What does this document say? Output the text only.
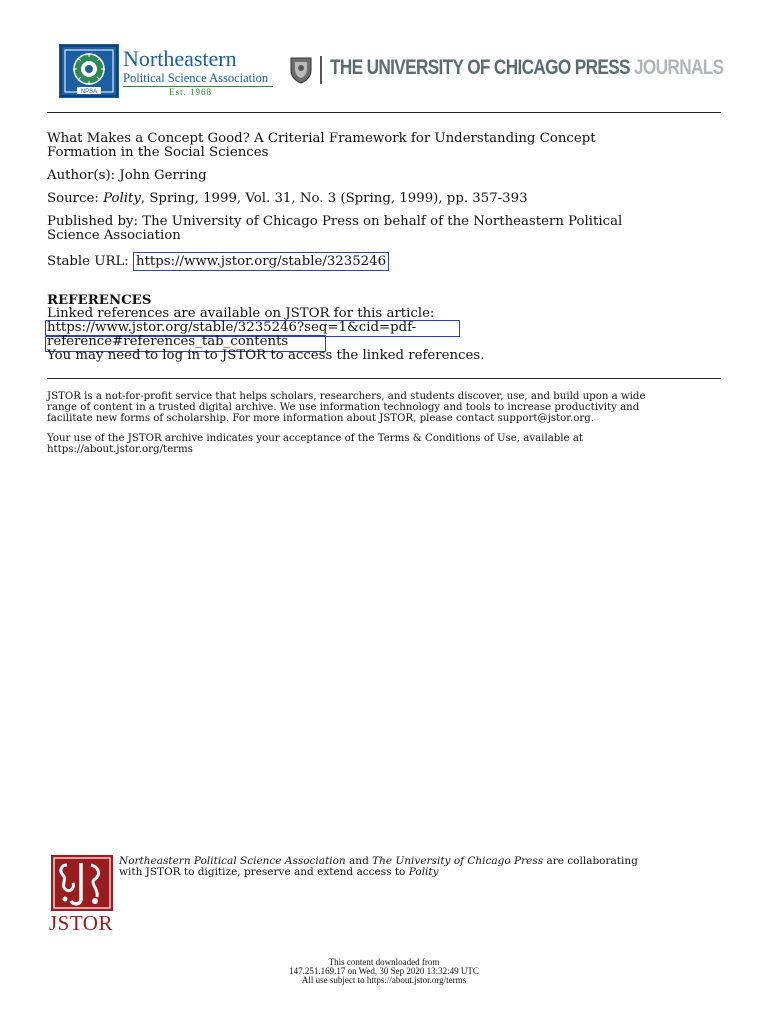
NPSA
Northeastern
Political Science Association
Est. 1968
THE UNIVERSITY OF CHICAGO PRESS JOURNALS
What Makes a Concept Good? A Criterial Framework for Understanding Concept
Formation in the Social Sciences
Author(s): John Gerring
Source: Polity, Spring, 1999, Vol. 31, No. 3 (Spring, 1999), pp. 357-393
Published by: The University of Chicago Press on behalf of the Northeastern Political
Science Association
Stable URL: https://www.jstor.org/stable/3235246
REFERENCES
Linked references are available on JSTOR for this article:
https://www.jstor.org/stable/3235246?seq=1&cid=pdf-
reference#references_tab_contents
You may need to log in to JSTOR to access the linked references.
JSTOR is a not-for-profit service that helps scholars, researchers, and students discover, use, and build upon a wide
range of content in a trusted digital archive. We use information technology and tools to increase productivity and
facilitate new forms of scholarship. For more information about JSTOR, please contact support@jstor.org.
Your use of the JSTOR archive indicates your acceptance of the Terms & Conditions of Use, available at
https://about.jstor.org/terms
JSTOR
Northeastern Political Science Association and The University of Chicago Press are collaborating
with JSTOR to digitize, preserve and extend access to Polity
This content downloaded from
147.251.169.17 on Wed, 30 Sep 2020 13:32:49 UTC
All use subject to https://about.jstor.org/terms
